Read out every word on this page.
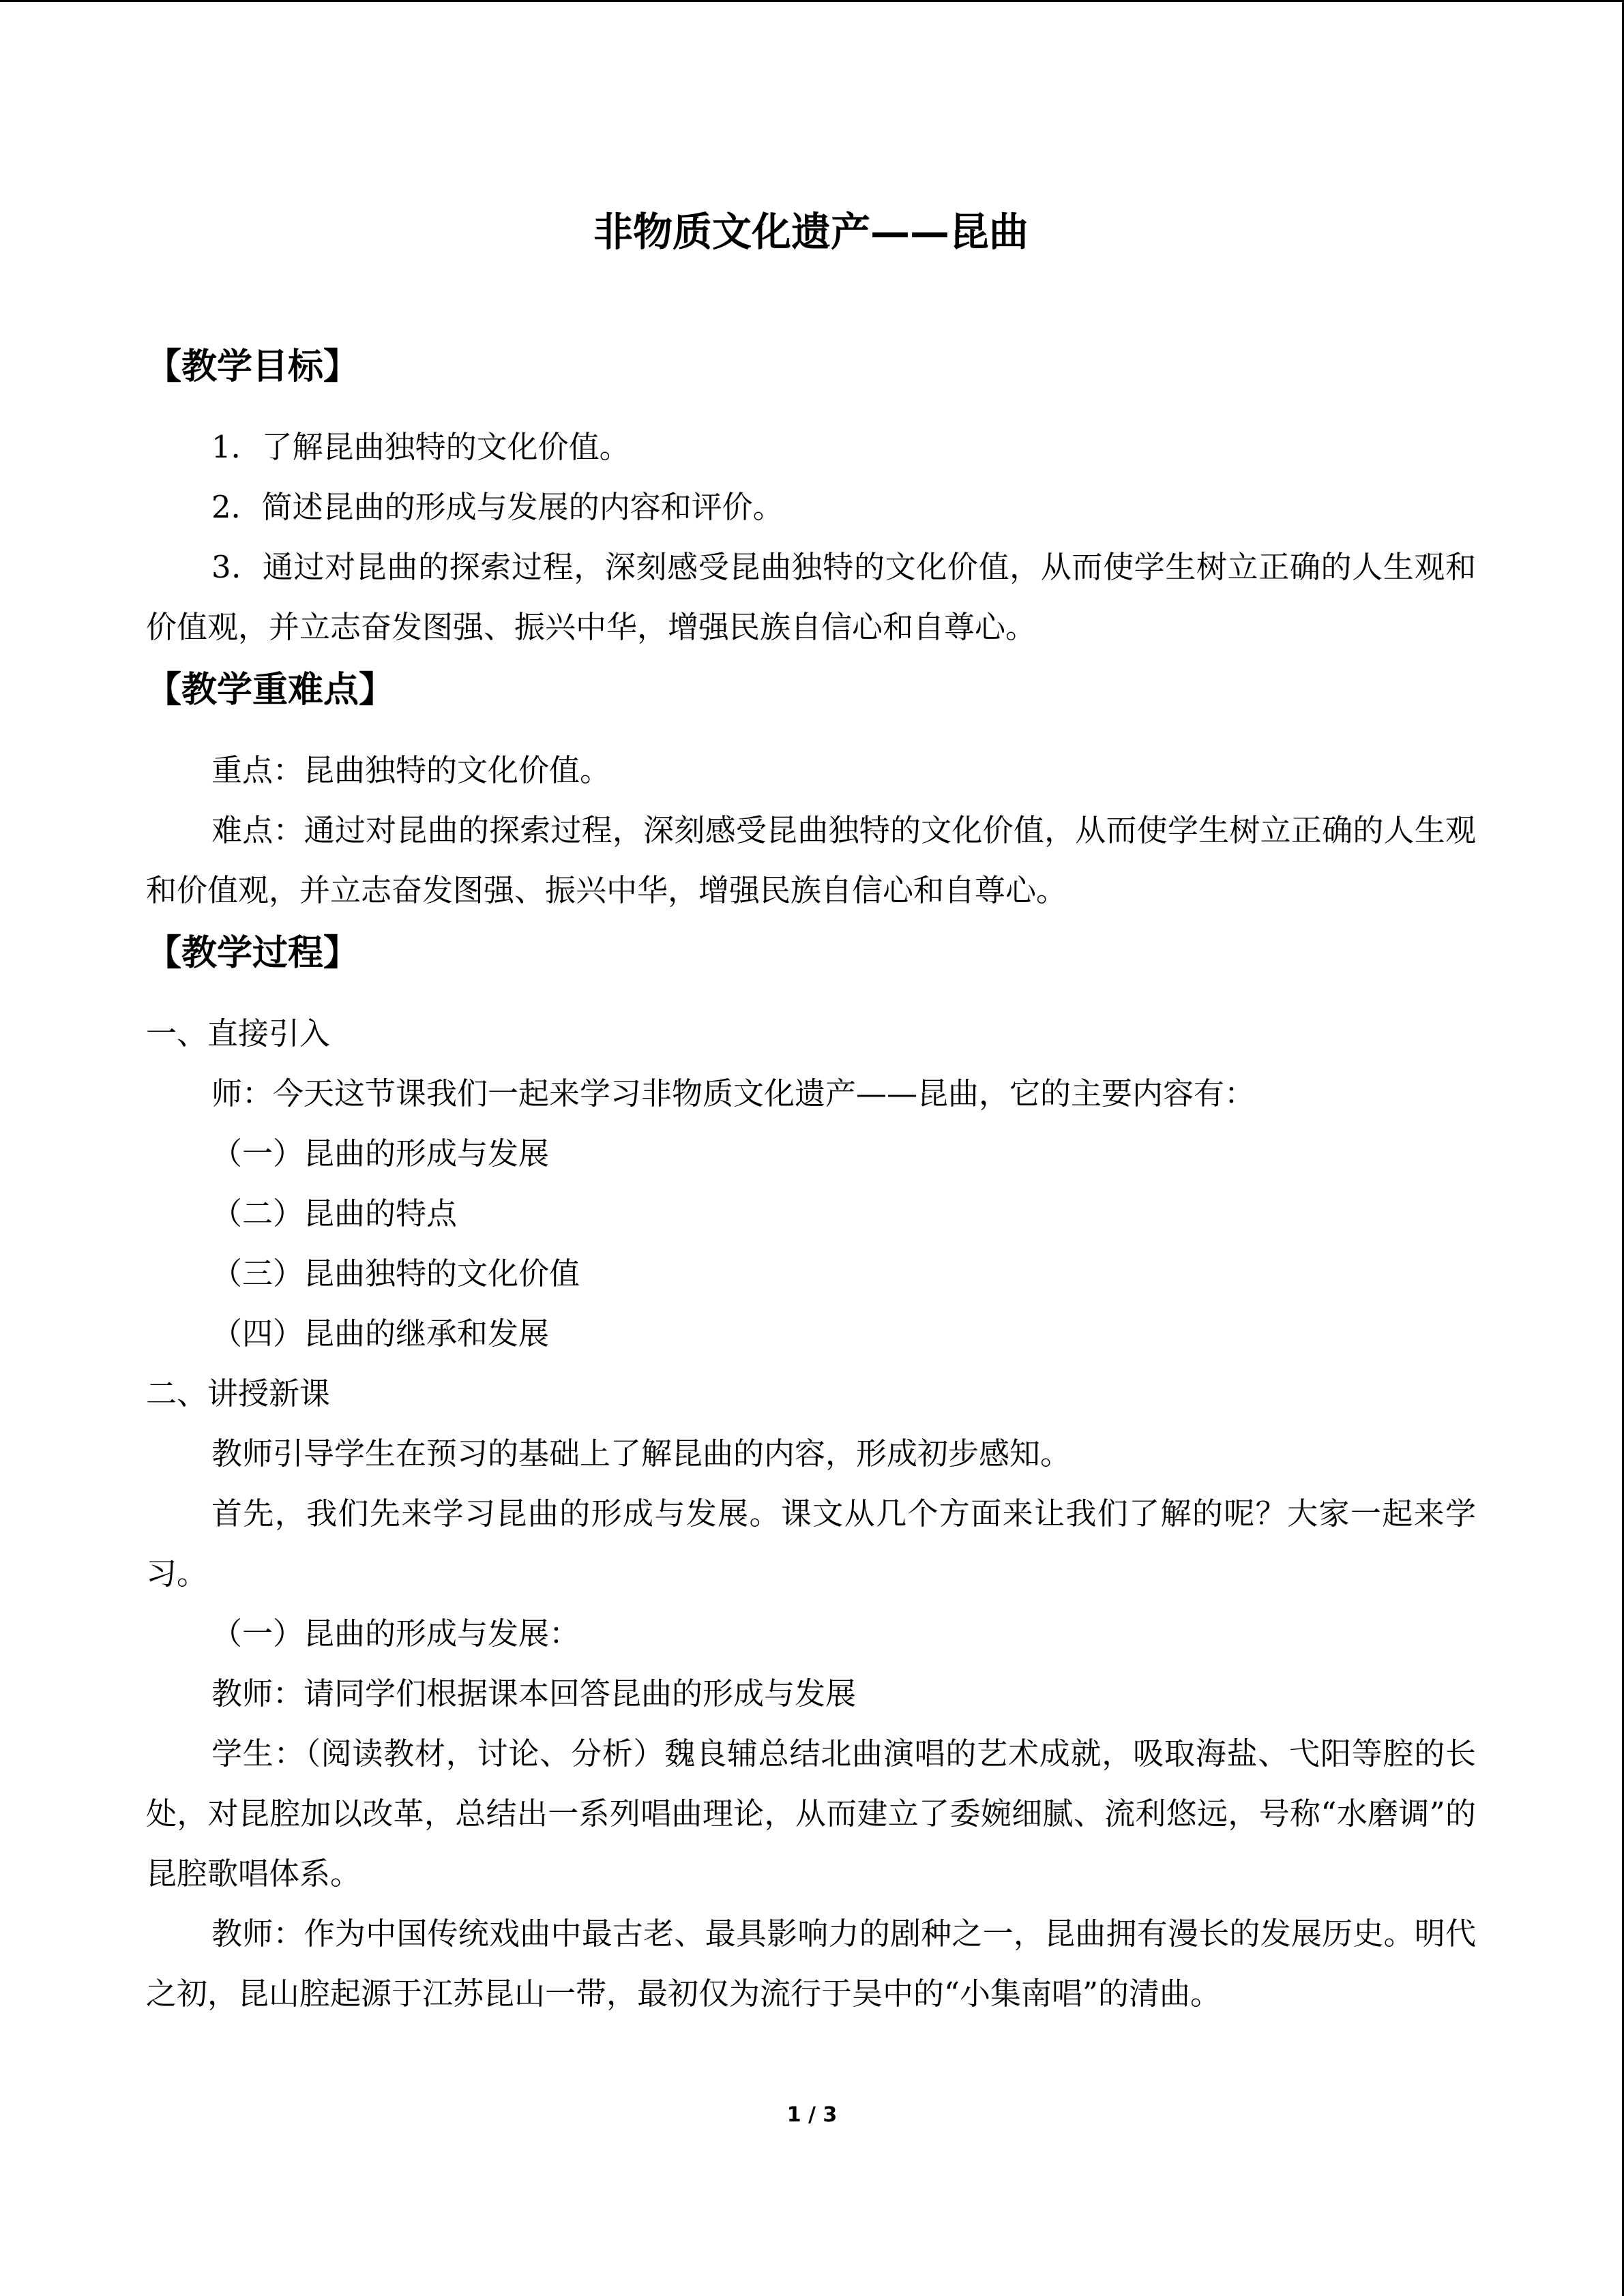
非物质文化遗产——昆曲
【教学目标】

1．了解昆曲独特的文化价值。

2．简述昆曲的形成与发展的内容和评价。

3．通过对昆曲的探索过程，深刻感受昆曲独特的文化价值，从而使学生树立正确的人生观和价值观，并立志奋发图强、振兴中华，增强民族自信心和自尊心。

【教学重难点】

重点：昆曲独特的文化价值。

难点：通过对昆曲的探索过程，深刻感受昆曲独特的文化价值，从而使学生树立正确的人生观和价值观，并立志奋发图强、振兴中华，增强民族自信心和自尊心。

【教学过程】

一、直接引入

师：今天这节课我们一起来学习非物质文化遗产——昆曲，它的主要内容有：

（一）昆曲的形成与发展

（二）昆曲的特点

（三）昆曲独特的文化价值

（四）昆曲的继承和发展

二、讲授新课

教师引导学生在预习的基础上了解昆曲的内容，形成初步感知。

首先，我们先来学习昆曲的形成与发展。课文从几个方面来让我们了解的呢？大家一起来学习。

（一）昆曲的形成与发展：

教师：请同学们根据课本回答昆曲的形成与发展

学生：（阅读教材，讨论、分析）魏良辅总结北曲演唱的艺术成就，吸取海盐、弋阳等腔的长处，对昆腔加以改革，总结出一系列唱曲理论，从而建立了委婉细腻、流利悠远，号称“水磨调”的昆腔歌唱体系。

教师：作为中国传统戏曲中最古老、最具影响力的剧种之一，昆曲拥有漫长的发展历史。明代之初，昆山腔起源于江苏昆山一带，最初仅为流行于吴中的“小集南唱”的清曲。

1 / 3
